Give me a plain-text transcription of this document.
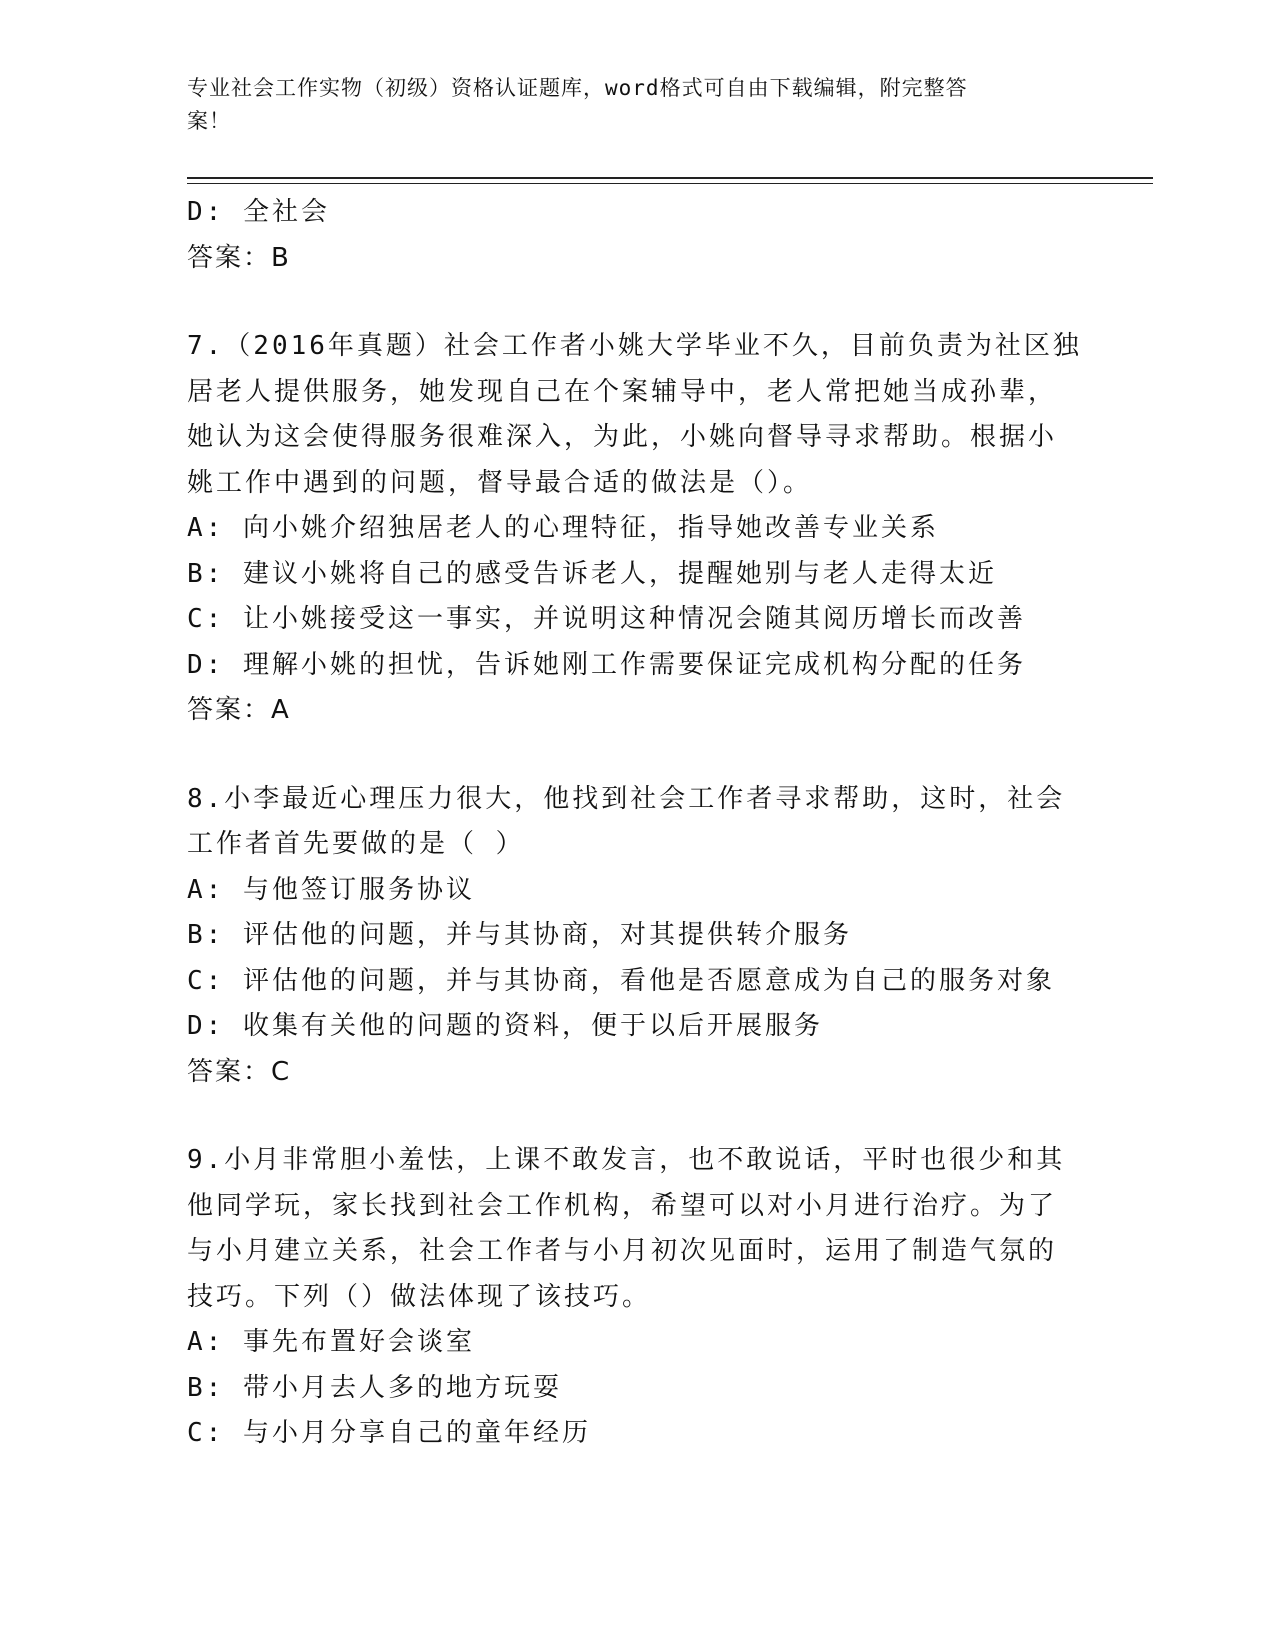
专业社会工作实物（初级）资格认证题库，word格式可自由下载编辑，附完整答
案！
D: 全社会
答案：B
7.（2016年真题）社会工作者小姚大学毕业不久，目前负责为社区独
居老人提供服务，她发现自己在个案辅导中，老人常把她当成孙辈，
她认为这会使得服务很难深入，为此，小姚向督导寻求帮助。根据小
姚工作中遇到的问题，督导最合适的做法是（）。
A: 向小姚介绍独居老人的心理特征，指导她改善专业关系
B: 建议小姚将自己的感受告诉老人，提醒她别与老人走得太近
C: 让小姚接受这一事实，并说明这种情况会随其阅历增长而改善
D: 理解小姚的担忧，告诉她刚工作需要保证完成机构分配的任务
答案：A
8.小李最近心理压力很大，他找到社会工作者寻求帮助，这时，社会
工作者首先要做的是（ ）
A: 与他签订服务协议
B: 评估他的问题，并与其协商，对其提供转介服务
C: 评估他的问题，并与其协商，看他是否愿意成为自己的服务对象
D: 收集有关他的问题的资料，便于以后开展服务
答案：C
9.小月非常胆小羞怯，上课不敢发言，也不敢说话，平时也很少和其
他同学玩，家长找到社会工作机构，希望可以对小月进行治疗。为了
与小月建立关系，社会工作者与小月初次见面时，运用了制造气氛的
技巧。下列（）做法体现了该技巧。
A: 事先布置好会谈室
B: 带小月去人多的地方玩耍
C: 与小月分享自己的童年经历
